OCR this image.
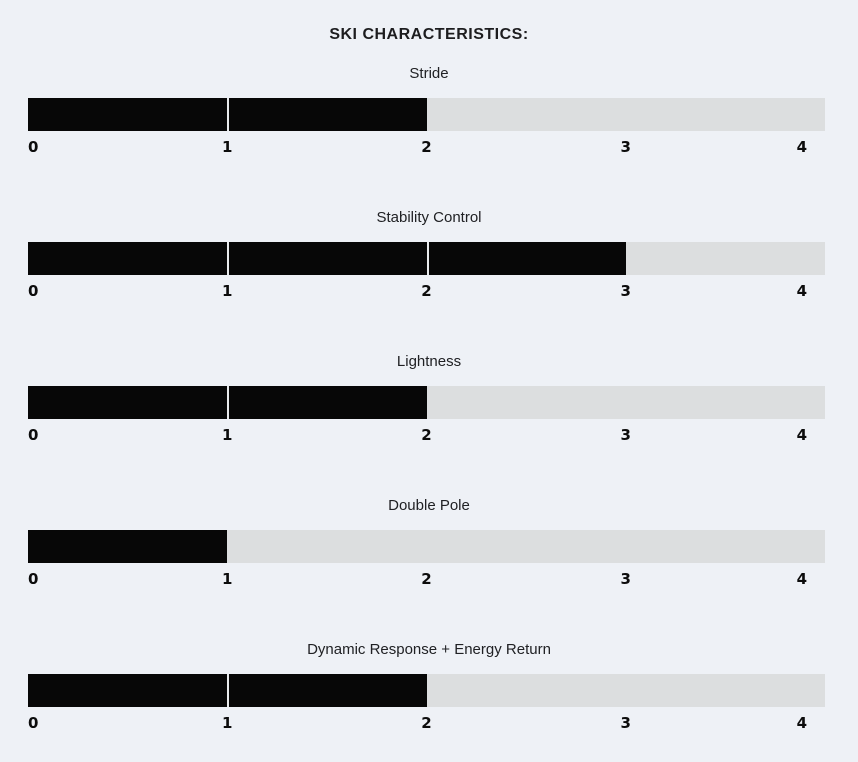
SKI CHARACTERISTICS:
Stride
0	1	2	3	4
Stability Control
0	1	2	3	4
Lightness
0	1	2	3	4
Double Pole
0	1	2	3	4
Dynamic Response + Energy Return
0	1	2	3	4
